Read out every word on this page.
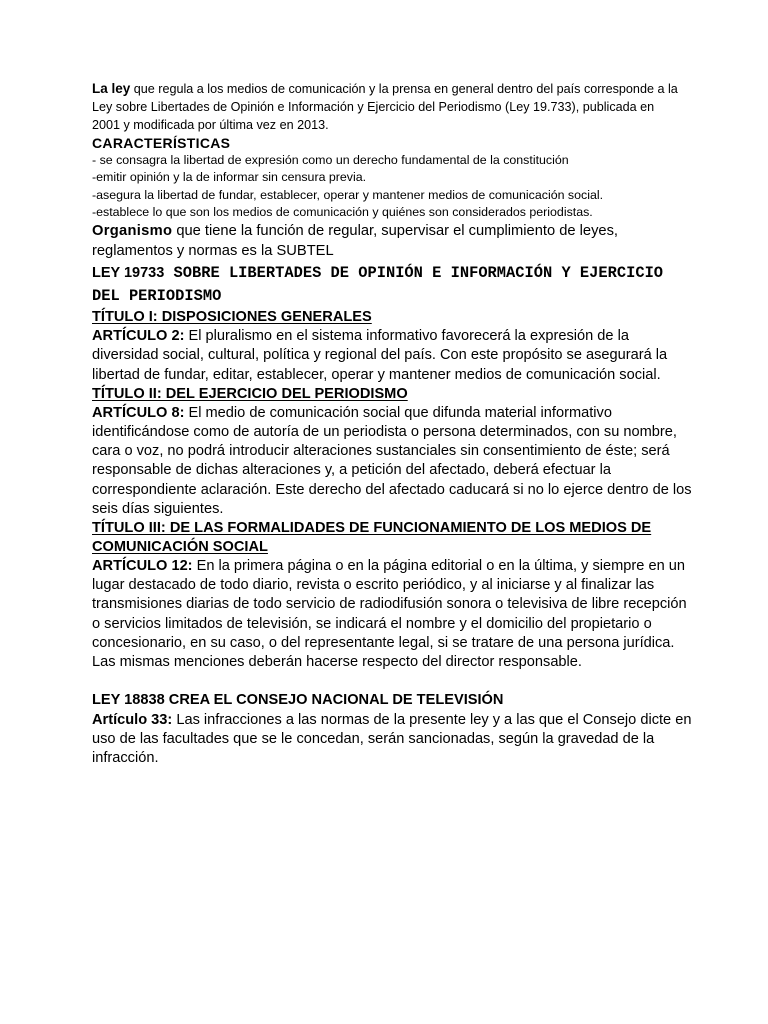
La ley que regula a los medios de comunicación y la prensa en general dentro del país corresponde a la Ley sobre Libertades de Opinión e Información y Ejercicio del Periodismo (Ley 19.733), publicada en 2001 y modificada por última vez en 2013.

CARACTERÍSTICAS
- se consagra la libertad de expresión como un derecho fundamental de la constitución
-emitir opinión y la de informar sin censura previa.
-asegura la libertad de fundar, establecer, operar y mantener medios de comunicación social.
-establece lo que son los medios de comunicación y quiénes son considerados periodistas.

Organismo que tiene la función de regular, supervisar el cumplimiento de leyes, reglamentos y normas es la SUBTEL

LEY 19733 SOBRE LIBERTADES DE OPINIÓN E INFORMACIÓN Y EJERCICIO DEL PERIODISMO
TÍTULO I: DISPOSICIONES GENERALES

ARTÍCULO 2: El pluralismo en el sistema informativo favorecerá la expresión de la diversidad social, cultural, política y regional del país. Con este propósito se asegurará la libertad de fundar, editar, establecer, operar y mantener medios de comunicación social.

TÍTULO II: DEL EJERCICIO DEL PERIODISMO

ARTÍCULO 8: El medio de comunicación social que difunda material informativo identificándose como de autoría de un periodista o persona determinados, con su nombre, cara o voz, no podrá introducir alteraciones sustanciales sin consentimiento de éste; será responsable de dichas alteraciones y, a petición del afectado, deberá efectuar la correspondiente aclaración. Este derecho del afectado caducará si no lo ejerce dentro de los seis días siguientes.

TÍTULO III: DE LAS FORMALIDADES DE FUNCIONAMIENTO DE LOS MEDIOS DE COMUNICACIÓN SOCIAL

ARTÍCULO 12: En la primera página o en la página editorial o en la última, y siempre en un lugar destacado de todo diario, revista o escrito periódico, y al iniciarse y al finalizar las transmisiones diarias de todo servicio de radiodifusión sonora o televisiva de libre recepción o servicios limitados de televisión, se indicará el nombre y el domicilio del propietario o concesionario, en su caso, o del representante legal, si se tratare de una persona jurídica. Las mismas menciones deberán hacerse respecto del director responsable.

LEY 18838 CREA EL CONSEJO NACIONAL DE TELEVISIÓN

Artículo 33: Las infracciones a las normas de la presente ley y a las que el Consejo dicte en uso de las facultades que se le concedan, serán sancionadas, según la gravedad de la infracción.
